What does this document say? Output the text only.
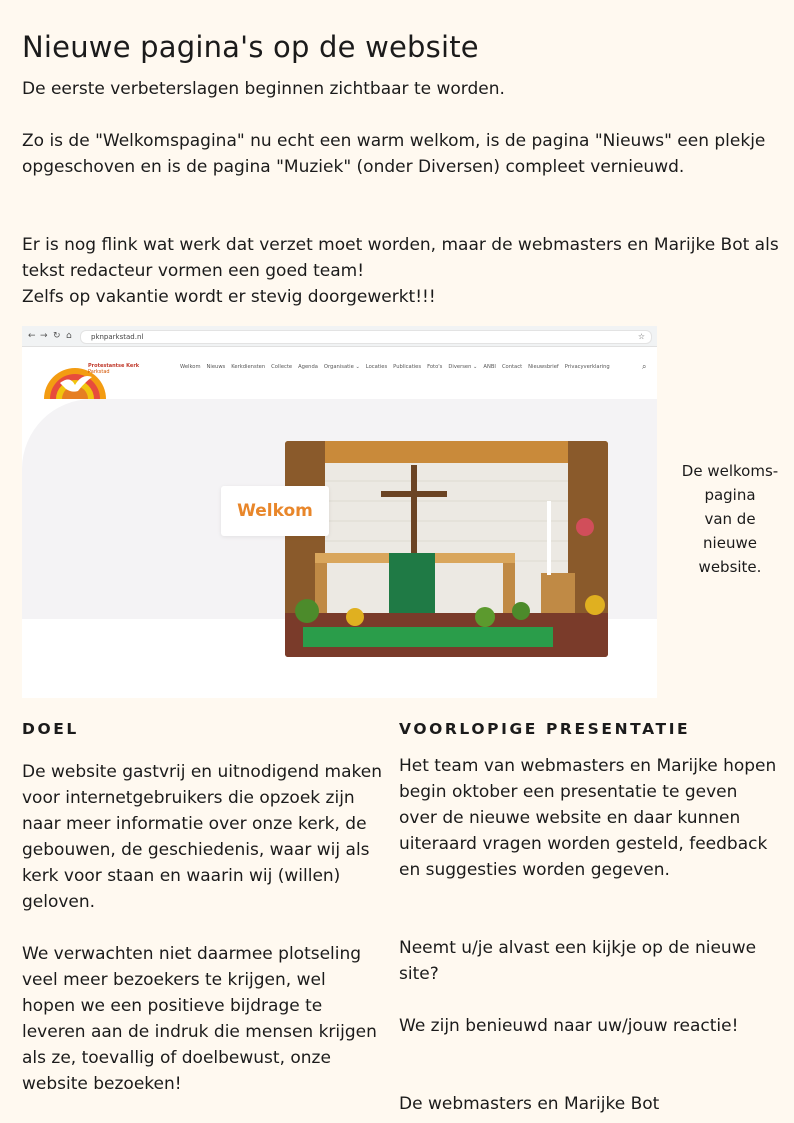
Nieuwe pagina's op de website

De eerste verbeterslagen beginnen zichtbaar te worden.

Zo is de "Welkomspagina" nu echt een warm welkom, is de pagina "Nieuws" een plekje opgeschoven en is de pagina "Muziek" (onder Diversen) compleet vernieuwd.

Er is nog flink wat werk dat verzet moet worden, maar de webmasters en Marijke Bot als tekst redacteur vormen een goed team!
Zelfs op vakantie wordt er stevig doorgewerkt!!!

← → ↻ ⌂	pknparkstad.nl	☆
Protestantse Kerk
Parkstad
Welkom Nieuws Kerkdiensten Collecte Agenda Organisatie ⌄ Locaties Publicaties Foto's Diversen ⌄ ANBI Contact Nieuwsbrief Privacyverklaring	⌕
Welkom

De welkoms-
pagina
van de
nieuwe
website.

DOEL

De website gastvrij en uitnodigend maken voor internetgebruikers die opzoek zijn naar meer informatie over onze kerk, de gebouwen, de geschiedenis, waar wij als kerk voor staan en waarin wij (willen) geloven.

We verwachten niet daarmee plotseling veel meer bezoekers te krijgen, wel hopen we een positieve bijdrage te leveren aan de indruk die mensen krijgen als ze, toevallig of doelbewust, onze website bezoeken!

VOORLOPIGE PRESENTATIE

Het team van webmasters en Marijke hopen begin oktober een presentatie te geven over de nieuwe website en daar kunnen uiteraard vragen worden gesteld, feedback en suggesties worden gegeven.

Neemt u/je alvast een kijkje op de nieuwe site?

We zijn benieuwd naar uw/jouw reactie!

De webmasters en Marijke Bot
